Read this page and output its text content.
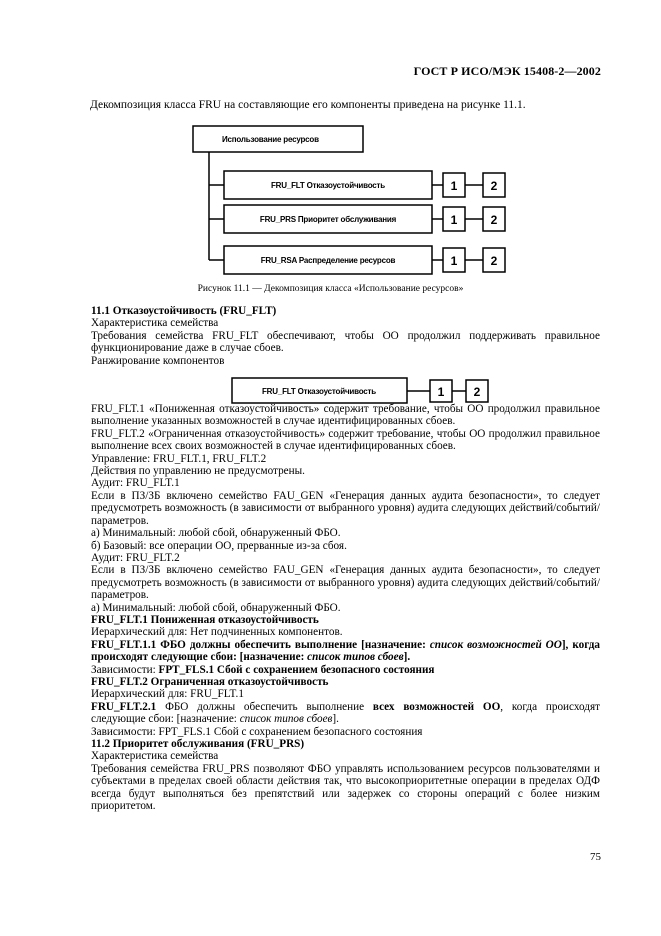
ГОСТ Р ИСО/МЭК 15408-2—2002
Декомпозиция класса FRU на составляющие его компоненты приведена на рисунке 11.1.
Использование ресурсов
FRU_FLT Отказоустойчивость
FRU_PRS Приоритет обслуживания
FRU_RSA Распределение ресурсов
1	2
1	2
1	2
Рисунок 11.1 — Декомпозиция класса «Использование ресурсов»
FRU_FLT Отказоустойчивость	1 2

11.1 Отказоустойчивость (FRU_FLT)

Характеристика семейства

Требования семейства FRU_FLT обеспечивают, чтобы ОО продолжил поддерживать правильное функционирование даже в случае сбоев.

Ранжирование компонентов

FRU_FLT.1 «Пониженная отказоустойчивость» содержит требование, чтобы ОО продолжил правильное выполнение указанных возможностей в случае идентифицированных сбоев.

FRU_FLT.2 «Ограниченная отказоустойчивость» содержит требование, чтобы ОО продолжил правильное выполнение всех своих возможностей в случае идентифицированных сбоев.

Управление: FRU_FLT.1, FRU_FLT.2

Действия по управлению не предусмотрены.

Аудит: FRU_FLT.1

Если в ПЗ/ЗБ включено семейство FAU_GEN «Генерация данных аудита безопасности», то следует предусмотреть возможность (в зависимости от выбранного уровня) аудита следующих действий/событий/параметров.

а) Минимальный: любой сбой, обнаруженный ФБО.

б) Базовый: все операции ОО, прерванные из-за сбоя.

Аудит: FRU_FLT.2

Если в ПЗ/ЗБ включено семейство FAU_GEN «Генерация данных аудита безопасности», то следует предусмотреть возможность (в зависимости от выбранного уровня) аудита следующих действий/событий/параметров.

а) Минимальный: любой сбой, обнаруженный ФБО.

FRU_FLT.1 Пониженная отказоустойчивость

Иерархический для: Нет подчиненных компонентов.

FRU_FLT.1.1 ФБО должны обеспечить выполнение [назначение: список возможностей ОО], когда происходят следующие сбои: [назначение: список типов сбоев].

Зависимости: FPT_FLS.1 Сбой с сохранением безопасного состояния

FRU_FLT.2 Ограниченная отказоустойчивость

Иерархический для: FRU_FLT.1

FRU_FLT.2.1 ФБО должны обеспечить выполнение всех возможностей ОО, когда происходят следующие сбои: [назначение: список типов сбоев].

Зависимости: FPT_FLS.1 Сбой с сохранением безопасного состояния

11.2 Приоритет обслуживания (FRU_PRS)

Характеристика семейства

Требования семейства FRU_PRS позволяют ФБО управлять использованием ресурсов пользователями и субъектами в пределах своей области действия так, что высокоприоритетные операции в пределах ОДФ всегда будут выполняться без препятствий или задержек со стороны операций с более низким приоритетом.

75
